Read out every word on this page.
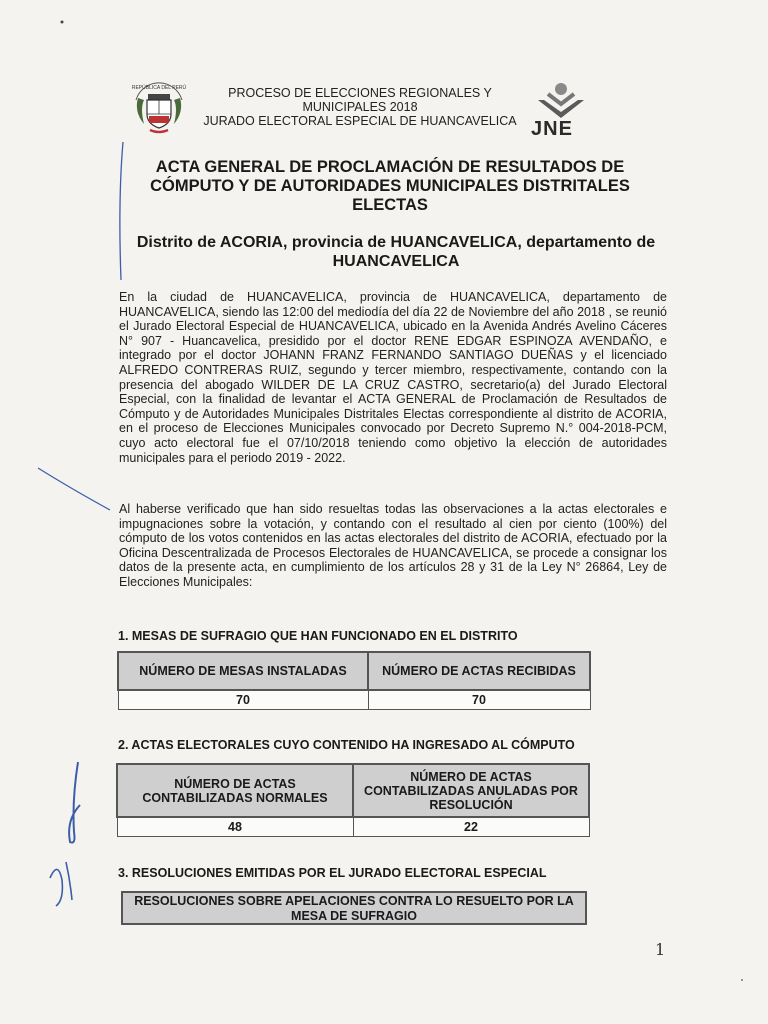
REPÚBLICA DEL PERÚ	PROCESO DE ELECCIONES REGIONALES Y
MUNICIPALES 2018
JURADO ELECTORAL ESPECIAL DE HUANCAVELICA JNE
ACTA GENERAL DE PROCLAMACIÓN DE RESULTADOS DE CÓMPUTO Y DE AUTORIDADES MUNICIPALES DISTRITALES ELECTAS
Distrito de ACORIA, provincia de HUANCAVELICA, departamento de HUANCAVELICA
En la ciudad de HUANCAVELICA, provincia de HUANCAVELICA, departamento de HUANCAVELICA, siendo las 12:00 del mediodía del día 22 de Noviembre del año 2018 , se reunió el Jurado Electoral Especial de HUANCAVELICA, ubicado en la Avenida Andrés Avelino Cáceres N° 907 - Huancavelica, presidido por el doctor RENE EDGAR ESPINOZA AVENDAÑO, e integrado por el doctor JOHANN FRANZ FERNANDO SANTIAGO DUEÑAS y el licenciado ALFREDO CONTRERAS RUIZ, segundo y tercer miembro, respectivamente, contando con la presencia del abogado WILDER DE LA CRUZ CASTRO, secretario(a) del Jurado Electoral Especial, con la finalidad de levantar el ACTA GENERAL de Proclamación de Resultados de Cómputo y de Autoridades Municipales Distritales Electas correspondiente al distrito de ACORIA, en el proceso de Elecciones Municipales convocado por Decreto Supremo N.° 004-2018-PCM, cuyo acto electoral fue el 07/10/2018 teniendo como objetivo la elección de autoridades municipales para el periodo 2019 - 2022.
Al haberse verificado que han sido resueltas todas las observaciones a la actas electorales e impugnaciones sobre la votación, y contando con el resultado al cien por ciento (100%) del cómputo de los votos contenidos en las actas electorales del distrito de ACORIA, efectuado por la Oficina Descentralizada de Procesos Electorales de HUANCAVELICA, se procede a consignar los datos de la presente acta, en cumplimiento de los artículos 28 y 31 de la Ley N° 26864, Ley de Elecciones Municipales:
1. MESAS DE SUFRAGIO QUE HAN FUNCIONADO EN EL DISTRITO
NÚMERO DE MESAS INSTALADAS	NÚMERO DE ACTAS RECIBIDAS
70	70
2. ACTAS ELECTORALES CUYO CONTENIDO HA INGRESADO AL CÓMPUTO
NÚMERO DE ACTAS CONTABILIZADAS NORMALES	NÚMERO DE ACTAS CONTABILIZADAS ANULADAS POR RESOLUCIÓN
48	22
3. RESOLUCIONES EMITIDAS POR EL JURADO ELECTORAL ESPECIAL
RESOLUCIONES SOBRE APELACIONES CONTRA LO RESUELTO POR LA MESA DE SUFRAGIO
1
